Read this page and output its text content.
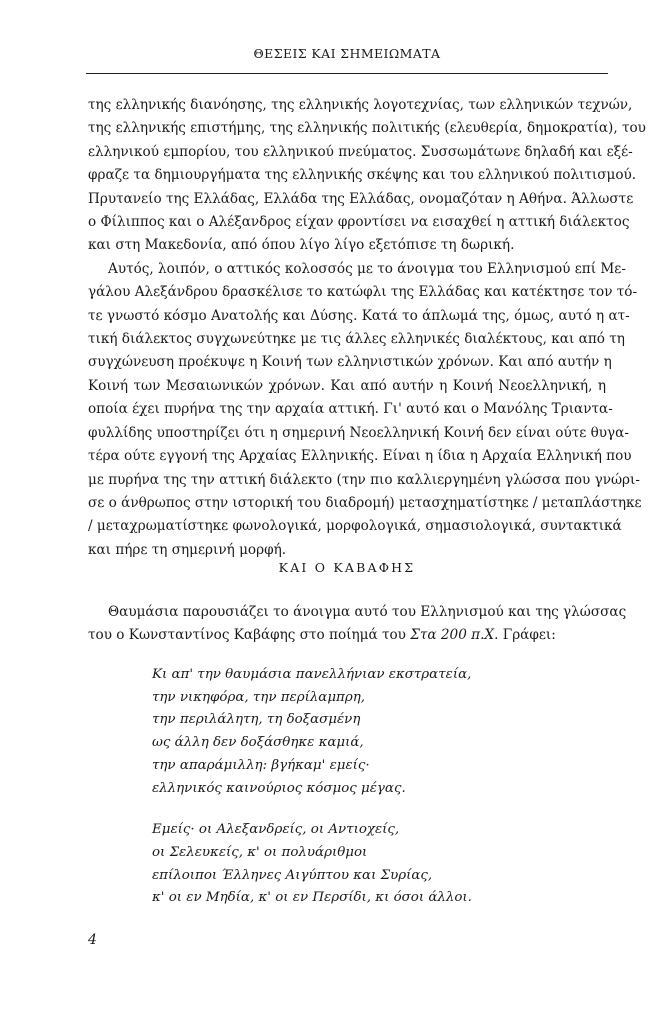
ΘΕΣΕΙΣ ΚΑΙ ΣΗΜΕΙΩΜΑΤΑ

της ελληνικής διανόησης, της ελληνικής λογοτεχνίας, των ελληνικών τεχνών,
της ελληνικής επιστήμης, της ελληνικής πολιτικής (ελευθερία, δημοκρατία), του
ελληνικού εμπορίου, του ελληνικού πνεύματος. Συσσωμάτωνε δηλαδή και εξέ-
φραζε τα δημιουργήματα της ελληνικής σκέψης και του ελληνικού πολιτισμού.
Πρυτανείο της Ελλάδας, Ελλάδα της Ελλάδας, ονομαζόταν η Αθήνα. Άλλωστε
ο Φίλιππος και ο Αλέξανδρος είχαν φροντίσει να εισαχθεί η αττική διάλεκτος
και στη Μακεδονία, από όπου λίγο λίγο εξετόπισε τη δωρική.

Αυτός, λοιπόν, ο αττικός κολοσσός με το άνοιγμα του Ελληνισμού επί Με-
γάλου Αλεξάνδρου δρασκέλισε το κατώφλι της Ελλάδας και κατέκτησε τον τό-
τε γνωστό κόσμο Ανατολής και Δύσης. Κατά το άπλωμά της, όμως, αυτό η ατ-
τική διάλεκτος συγχωνεύτηκε με τις άλλες ελληνικές διαλέκτους, και από τη
συγχώνευση προέκυψε η Κοινή των ελληνιστικών χρόνων. Και από αυτήν η
Κοινή των Μεσαιωνικών χρόνων. Και από αυτήν η Κοινή Νεοελληνική, η
οποία έχει πυρήνα της την αρχαία αττική. Γι' αυτό και ο Μανόλης Τριαντα-
φυλλίδης υποστηρίζει ότι η σημερινή Νεοελληνική Κοινή δεν είναι ούτε θυγα-
τέρα ούτε εγγονή της Αρχαίας Ελληνικής. Είναι η ίδια η Αρχαία Ελληνική που
με πυρήνα της την αττική διάλεκτο (την πιο καλλιεργημένη γλώσσα που γνώρι-
σε ο άνθρωπος στην ιστορική του διαδρομή) μετασχηματίστηκε / μεταπλάστηκε
/ μεταχρωματίστηκε φωνολογικά, μορφολογικά, σημασιολογικά, συντακτικά
και πήρε τη σημερινή μορφή.

ΚΑΙ Ο ΚΑΒΑΦΗΣ
Θαυμάσια παρουσιάζει το άνοιγμα αυτό του Ελληνισμού και της γλώσσας
του ο Κωνσταντίνος Καβάφης στο ποίημά του Στα 200 π.Χ. Γράφει:
Κι απ' την θαυμάσια πανελλήνιαν εκστρατεία,
την νικηφόρα, την περίλαμπρη,
την περιλάλητη, τη δοξασμένη
ως άλλη δεν δοξάσθηκε καμιά,
την απαράμιλλη: βγήκαμ' εμείς·
ελληνικός καινούριος κόσμος μέγας.
Εμείς· οι Αλεξανδρείς, οι Αντιοχείς,
οι Σελευκείς, κ' οι πολυάριθμοι
επίλοιποι Έλληνες Αιγύπτου και Συρίας,
κ' οι εν Μηδία, κ' οι εν Περσίδι, κι όσοι άλλοι.
4
